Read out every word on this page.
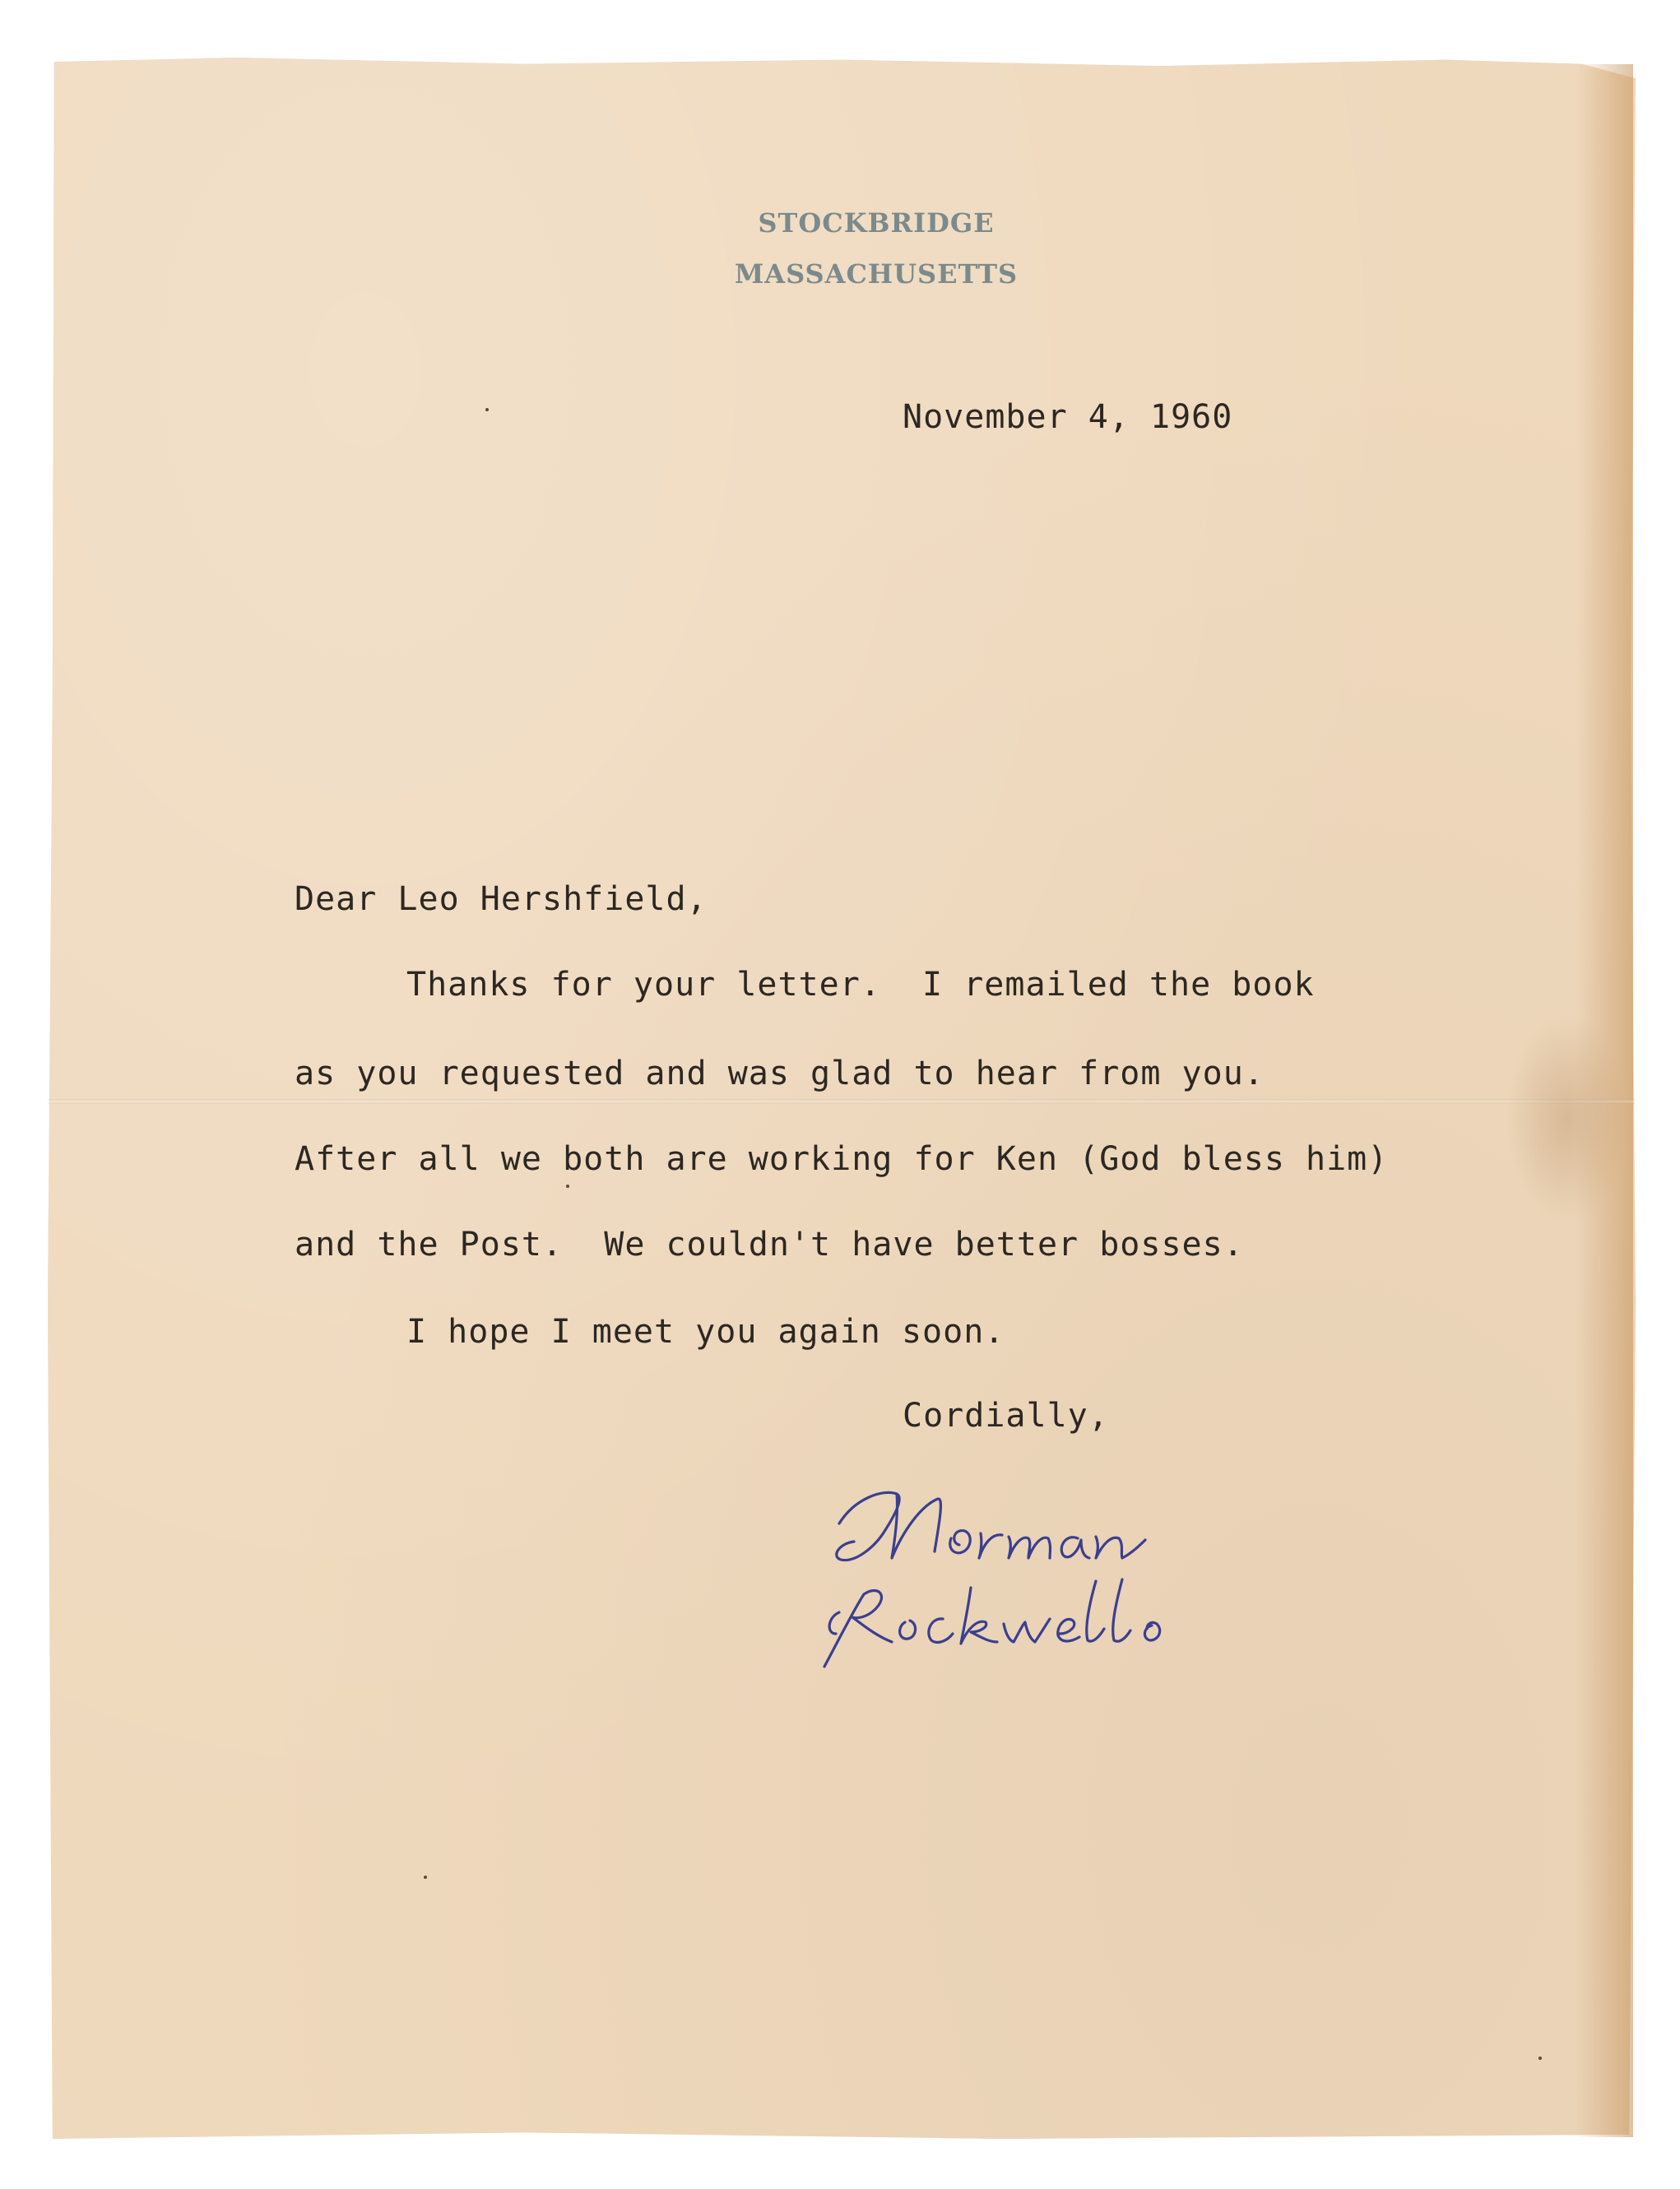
STOCKBRIDGE
MASSACHUSETTS
November 4, 1960
Dear Leo Hershfield,
Thanks for your letter.  I remailed the book
as you requested and was glad to hear from you.
After all we both are working for Ken (God bless him)
and the Post.  We couldn't have better bosses.
I hope I meet you again soon.
Cordially,
